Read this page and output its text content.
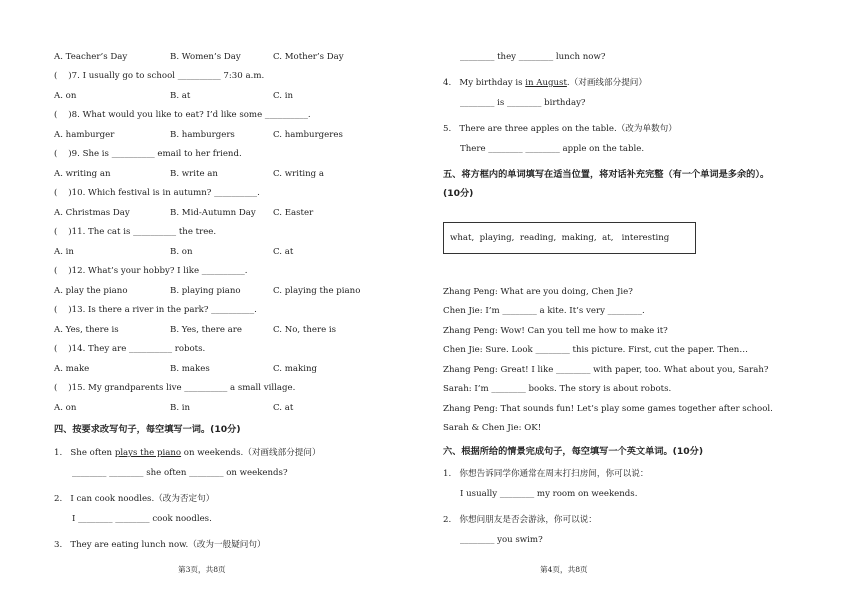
A. Teacher’s Day	B. Women’s Day	C. Mother’s Day
(    )7. I usually go to school __________ 7:30 a.m.
A. on	B. at	C. in
(    )8. What would you like to eat? I’d like some __________.
A. hamburger	B. hamburgers	C. hamburgeres
(    )9. She is __________ email to her friend.
A. writing an	B. write an	C. writing a
(    )10. Which festival is in autumn? __________.
A. Christmas Day	B. Mid-Autumn Day C. Easter
(    )11. The cat is __________ the tree.
A. in	B. on	C. at
(    )12. What’s your hobby? I like __________.
A. play the piano	B. playing piano	C. playing the piano
(    )13. Is there a river in the park? __________.
A. Yes, there is	B. Yes, there are	C. No, there is
(    )14. They are __________ robots.
A. make	B. makes	C. making
(    )15. My grandparents live __________ a small village.
A. on	B. in	C. at
四、按要求改写句子，每空填写一词。(10分)
1. She often plays the piano on weekends.（对画线部分提问）
________ ________ she often ________ on weekends?
2.   I can cook noodles.（改为否定句）
I ________ ________ cook noodles.
3.   They are eating lunch now.（改为一般疑问句）
第3页，共8页
________ they ________ lunch now?
4. My birthday is in August.（对画线部分提问）
________ is ________ birthday?
5.   There are three apples on the table.（改为单数句）
There ________ ________ apple on the table.
五、将方框内的单词填写在适当位置，将对话补充完整（有一个单词是多余的）。
(10分)
what,  playing,  reading,  making,  at,   interesting
Zhang Peng: What are you doing, Chen Jie?
Chen Jie: I’m ________ a kite. It’s very ________.
Zhang Peng: Wow! Can you tell me how to make it?
Chen Jie: Sure. Look ________ this picture. First, cut the paper. Then…
Zhang Peng: Great! I like ________ with paper, too. What about you, Sarah?
Sarah: I’m ________ books. The story is about robots.
Zhang Peng: That sounds fun! Let’s play some games together after school.
Sarah & Chen Jie: OK!
六、根据所给的情景完成句子，每空填写一个英文单词。(10分)
1.   你想告诉同学你通常在周末打扫房间，你可以说：
I usually ________ my room on weekends.
2.   你想问朋友是否会游泳，你可以说：
________ you swim?
第4页，共8页
